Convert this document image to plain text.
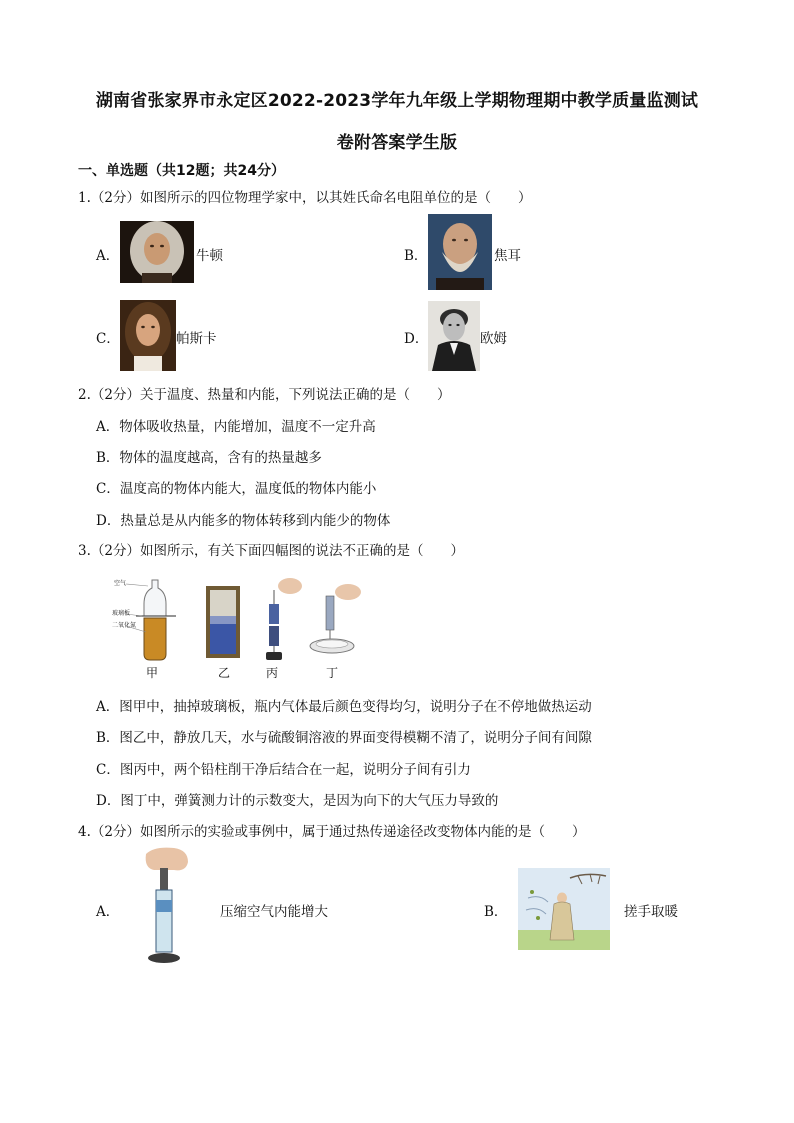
湖南省张家界市永定区2022-2023学年九年级上学期物理期中教学质量监测试
卷附答案学生版
一、单选题（共12题；共24分）
1.（2分）如图所示的四位物理学家中，以其姓氏命名电阻单位的是（　　）
A．	牛顿	B．	焦耳
C．	帕斯卡	D．	欧姆
2.（2分）关于温度、热量和内能，下列说法正确的是（　　）
A．物体吸收热量，内能增加，温度不一定升高
B．物体的温度越高，含有的热量越多
C．温度高的物体内能大，温度低的物体内能小
D．热量总是从内能多的物体转移到内能少的物体
3.（2分）如图所示，有关下面四幅图的说法不正确的是（　　）
空气
玻璃板
二氧化氮
甲	乙	丙	丁
A．图甲中，抽掉玻璃板，瓶内气体最后颜色变得均匀，说明分子在不停地做热运动
B．图乙中，静放几天，水与硫酸铜溶液的界面变得模糊不清了，说明分子间有间隙
C．图丙中，两个铅柱削干净后结合在一起，说明分子间有引力
D．图丁中，弹簧测力计的示数变大，是因为向下的大气压力导致的
4.（2分）如图所示的实验或事例中，属于通过热传递途径改变物体内能的是（　　）
A．	压缩空气内能增大	B．	搓手取暖
